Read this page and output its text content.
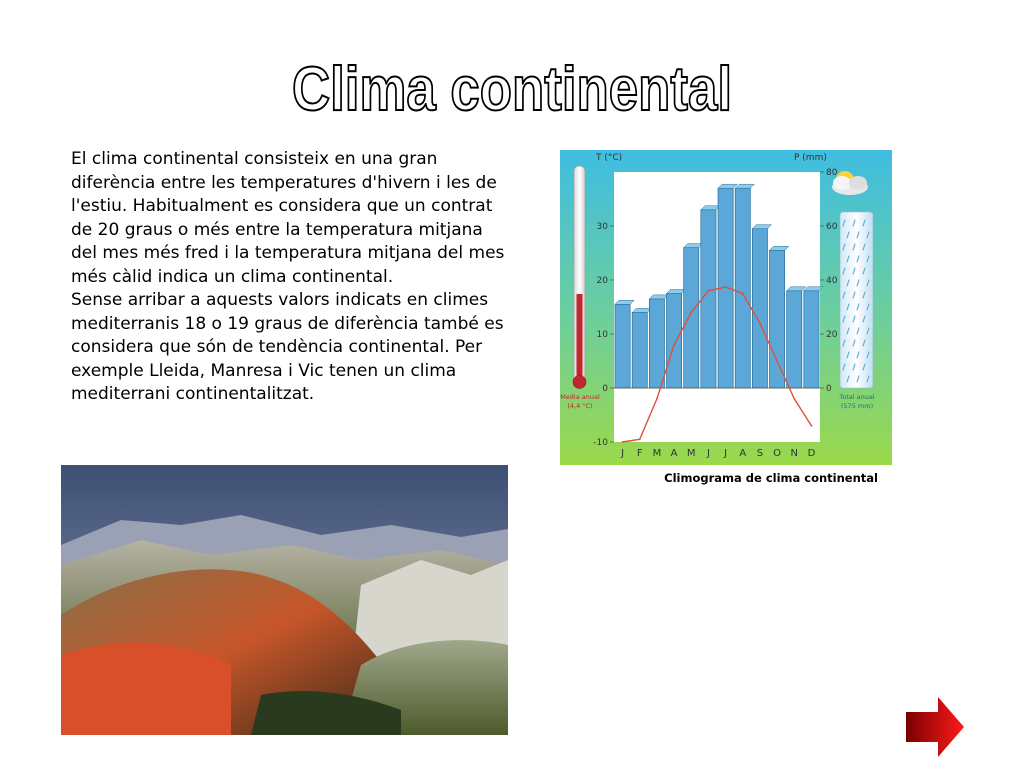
Clima continental

El clima continental consisteix en una gran diferència entre les temperatures d'hivern i les de l'estiu. Habitualment es considera que un contrat de 20 graus o més entre la temperatura mitjana del mes més fred i la temperatura mitjana del mes més càlid indica un clima continental.

Sense arribar a aquests valors indicats en climes mediterranis 18 o 19 graus de diferència també es considera que són de tendència continental. Per exemple Lleida, Manresa i Vic tenen un clima mediterrani continentalitzat.

-10
0
10
20
30
0
20
40
60
80
J F M A M J J A S O N D
T (°C)	P (mm)
Media anual
(4,4 °C)
Total anual
(575 mm)
Climograma de clima continental
